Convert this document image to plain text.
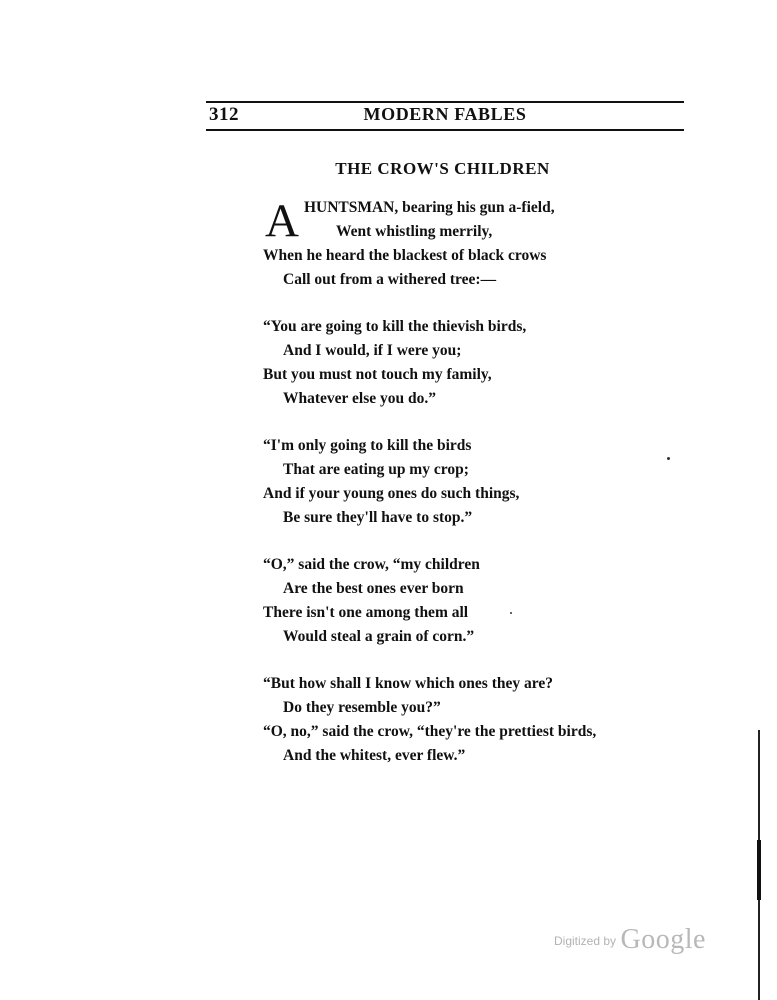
312	MODERN FABLES
THE CROW'S CHILDREN
A HUNTSMAN, bearing his gun a-field,
Went whistling merrily,
When he heard the blackest of black crows
Call out from a withered tree:—
“You are going to kill the thievish birds,
And I would, if I were you;
But you must not touch my family,
Whatever else you do.”
“I'm only going to kill the birds
That are eating up my crop;
And if your young ones do such things,
Be sure they'll have to stop.”
“O,” said the crow, “my children
Are the best ones ever born
There isn't one among them all
Would steal a grain of corn.”
“But how shall I know which ones they are?
Do they resemble you?”
“O, no,” said the crow, “they're the prettiest birds,
And the whitest, ever flew.”
Digitized by Google
